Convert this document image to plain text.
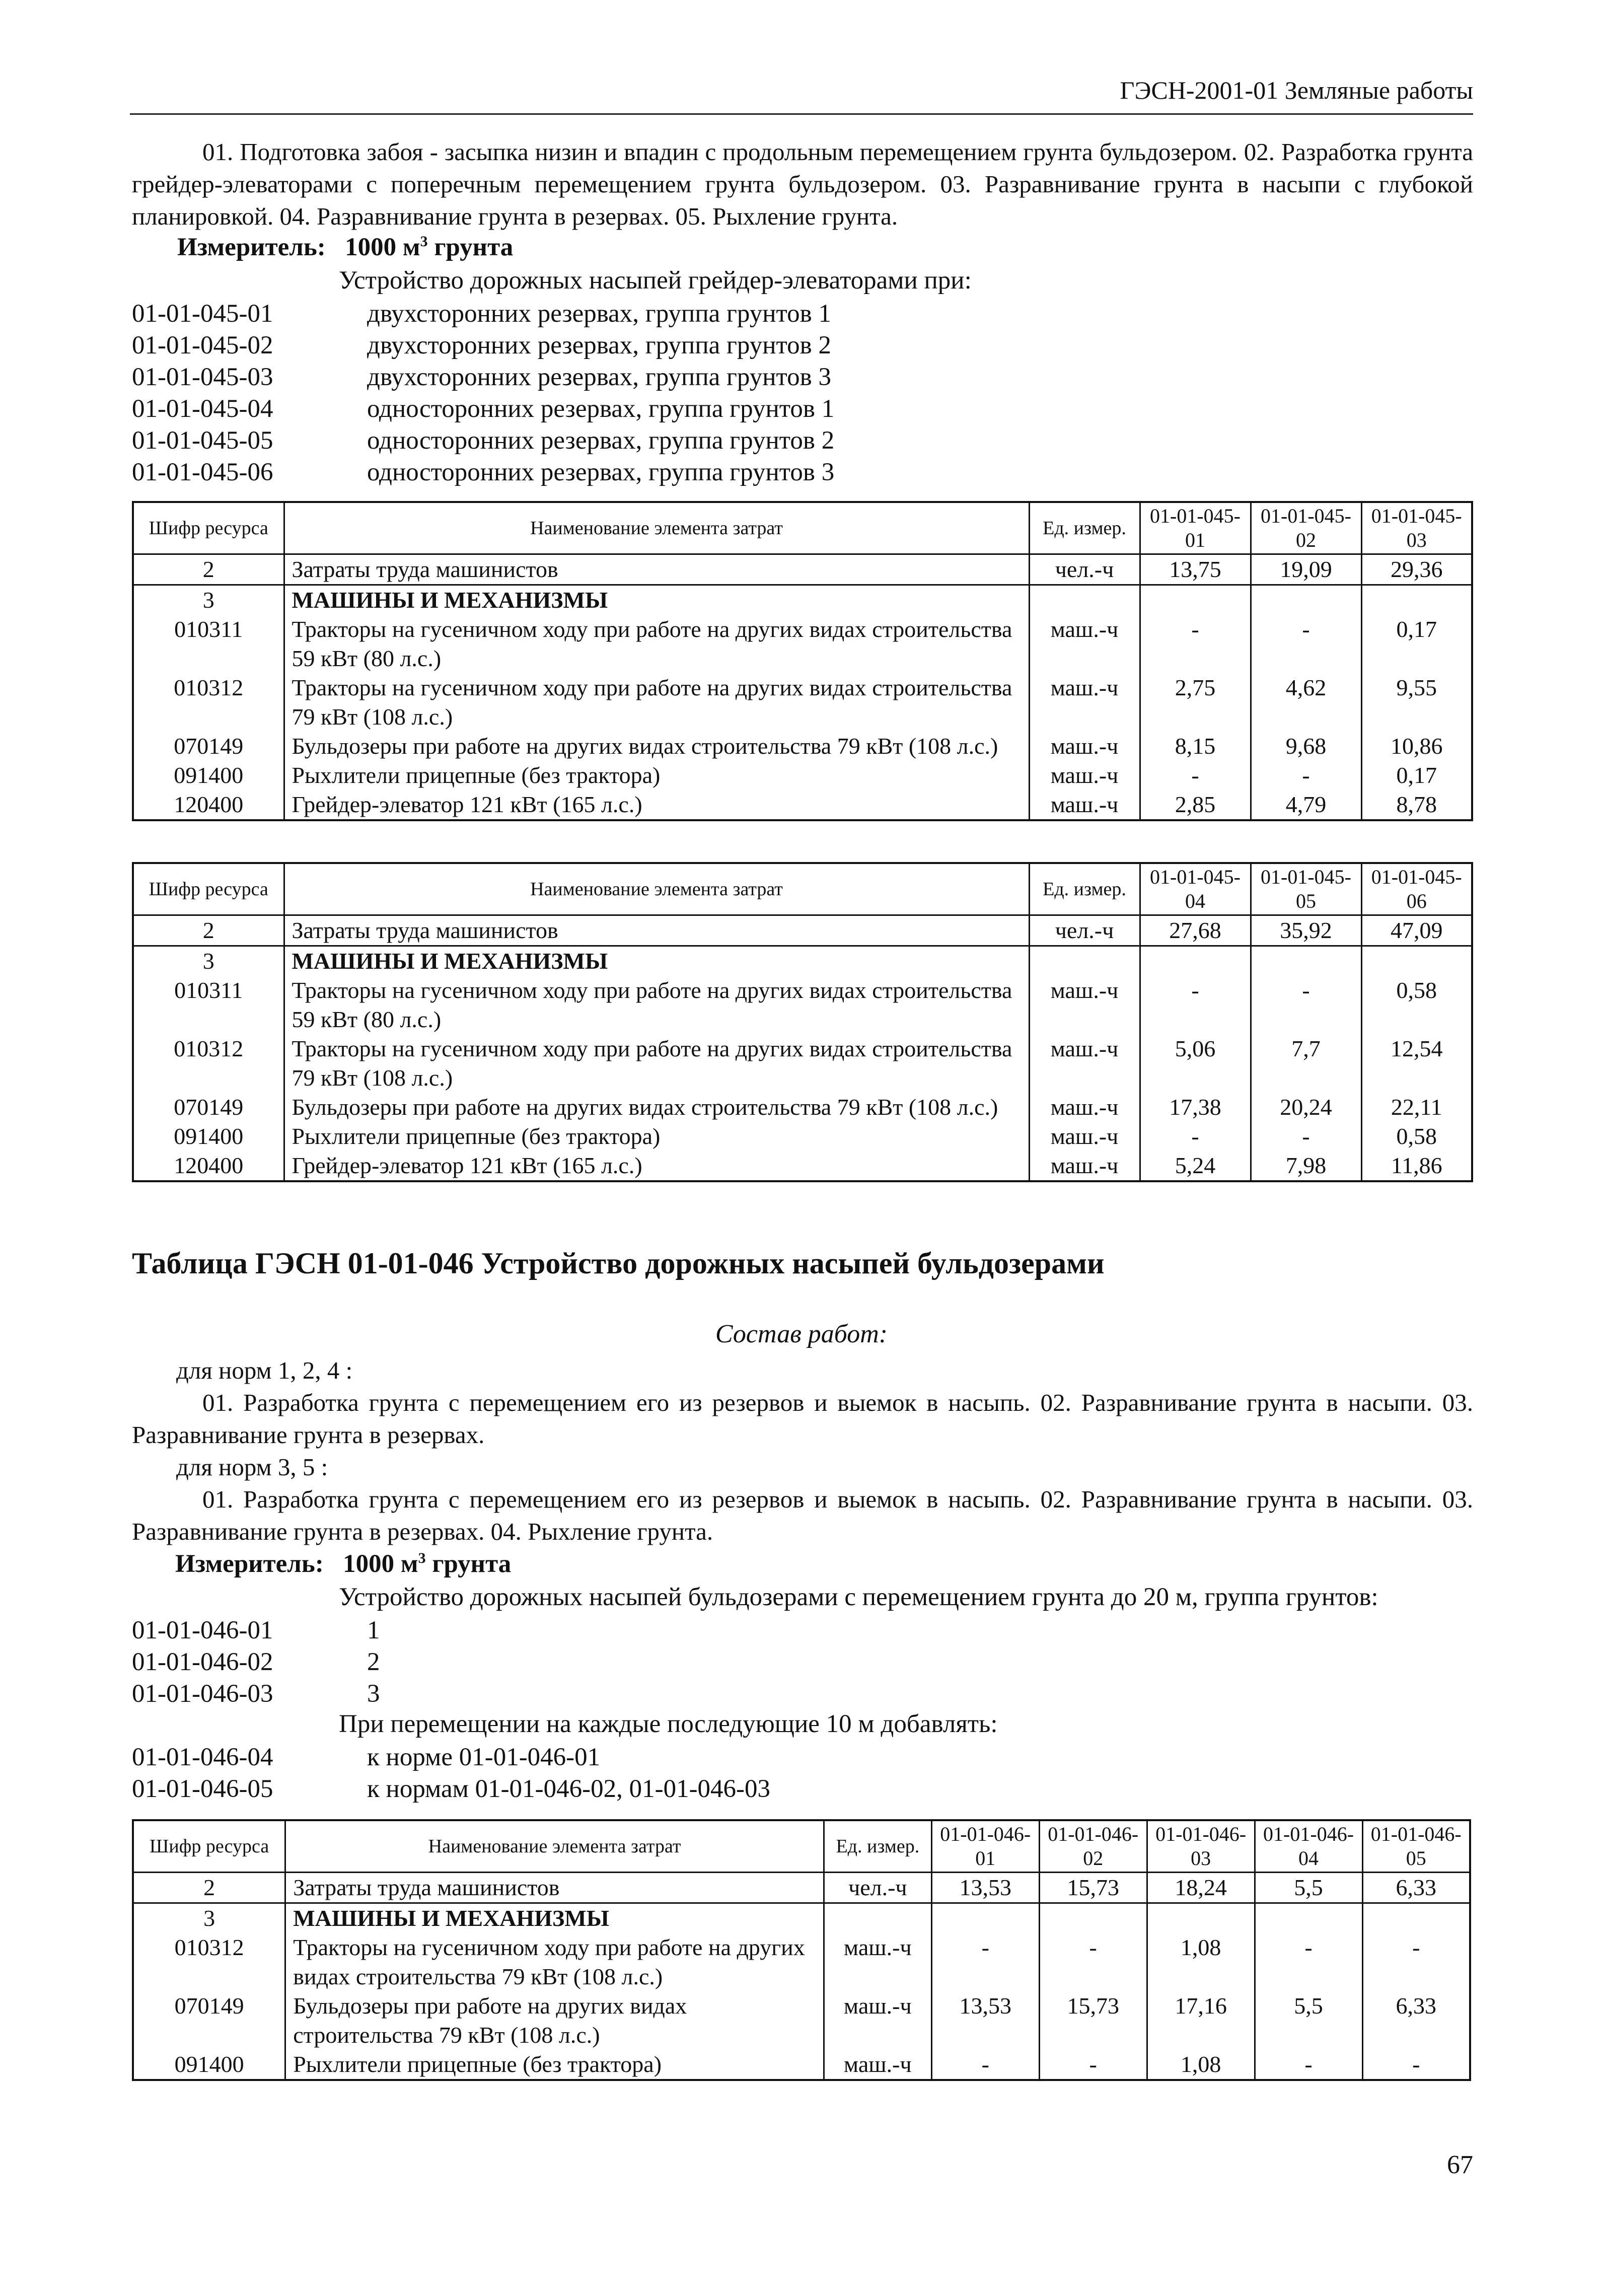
ГЭСН-2001-01 Земляные работы
01. Подготовка забоя - засыпка низин и впадин с продольным перемещением грунта бульдозером. 02. Разработка грунта грейдер-элеваторами с поперечным перемещением грунта бульдозером. 03. Разравнивание грунта в насыпи с глубокой планировкой. 04. Разравнивание грунта в резервах. 05. Рыхление грунта.
Измеритель: 1000 $м^3$ грунта
Устройство дорожных насыпей грейдер-элеваторами при:
01-01-045-01	двухсторонних резервах, группа грунтов 1
01-01-045-02	двухсторонних резервах, группа грунтов 2
01-01-045-03	двухсторонних резервах, группа грунтов 3
01-01-045-04	односторонних резервах, группа грунтов 1
01-01-045-05	односторонних резервах, группа грунтов 2
01-01-045-06	односторонних резервах, группа грунтов 3
Шифр ресурса	Наименование элемента затрат	Ед. измер.	01-01-045-01	01-01-045-02	01-01-045-03
2	Затраты труда машинистов	чел.-ч	13,75	19,09	29,36
3	МАШИНЫ И МЕХАНИЗМЫ				
010311	Тракторы на гусеничном ходу при работе на других видах строительства 59 кВт (80 л.с.)	маш.-ч	-	-	0,17
010312	Тракторы на гусеничном ходу при работе на других видах строительства 79 кВт (108 л.с.)	маш.-ч	2,75	4,62	9,55
070149	Бульдозеры при работе на других видах строительства 79 кВт (108 л.с.)	маш.-ч	8,15	9,68	10,86
091400	Рыхлители прицепные (без трактора)	маш.-ч	-	-	0,17
120400	Грейдер-элеватор 121 кВт (165 л.с.)	маш.-ч	2,85	4,79	8,78
Шифр ресурса	Наименование элемента затрат	Ед. измер.	01-01-045-04	01-01-045-05	01-01-045-06
2	Затраты труда машинистов	чел.-ч	27,68	35,92	47,09
3	МАШИНЫ И МЕХАНИЗМЫ				
010311	Тракторы на гусеничном ходу при работе на других видах строительства 59 кВт (80 л.с.)	маш.-ч	-	-	0,58
010312	Тракторы на гусеничном ходу при работе на других видах строительства 79 кВт (108 л.с.)	маш.-ч	5,06	7,7	12,54
070149	Бульдозеры при работе на других видах строительства 79 кВт (108 л.с.)	маш.-ч	17,38	20,24	22,11
091400	Рыхлители прицепные (без трактора)	маш.-ч	-	-	0,58
120400	Грейдер-элеватор 121 кВт (165 л.с.)	маш.-ч	5,24	7,98	11,86
Таблица ГЭСН 01-01-046 Устройство дорожных насыпей бульдозерами
Состав работ:
для норм 1, 2, 4 :
01. Разработка грунта с перемещением его из резервов и выемок в насыпь. 02. Разравнивание грунта в насыпи. 03. Разравнивание грунта в резервах.
для норм 3, 5 :
01. Разработка грунта с перемещением его из резервов и выемок в насыпь. 02. Разравнивание грунта в насыпи. 03. Разравнивание грунта в резервах. 04. Рыхление грунта.
Измеритель: 1000 $м^3$ грунта
Устройство дорожных насыпей бульдозерами с перемещением грунта до 20 м, группа грунтов:
01-01-046-01	1
01-01-046-02	2
01-01-046-03	3
При перемещении на каждые последующие 10 м добавлять:
01-01-046-04	к норме 01-01-046-01
01-01-046-05	к нормам 01-01-046-02, 01-01-046-03
Шифр ресурса	Наименование элемента затрат	Ед. измер.	01-01-046-01	01-01-046-02	01-01-046-03	01-01-046-04	01-01-046-05
2	Затраты труда машинистов	чел.-ч	13,53	15,73	18,24	5,5	6,33
3	МАШИНЫ И МЕХАНИЗМЫ						
010312	Тракторы на гусеничном ходу при работе на других видах строительства 79 кВт (108 л.с.)	маш.-ч	-	-	1,08	-	-
070149	Бульдозеры при работе на других видах строительства 79 кВт (108 л.с.)	маш.-ч	13,53	15,73	17,16	5,5	6,33
091400	Рыхлители прицепные (без трактора)	маш.-ч	-	-	1,08	-	-
67
